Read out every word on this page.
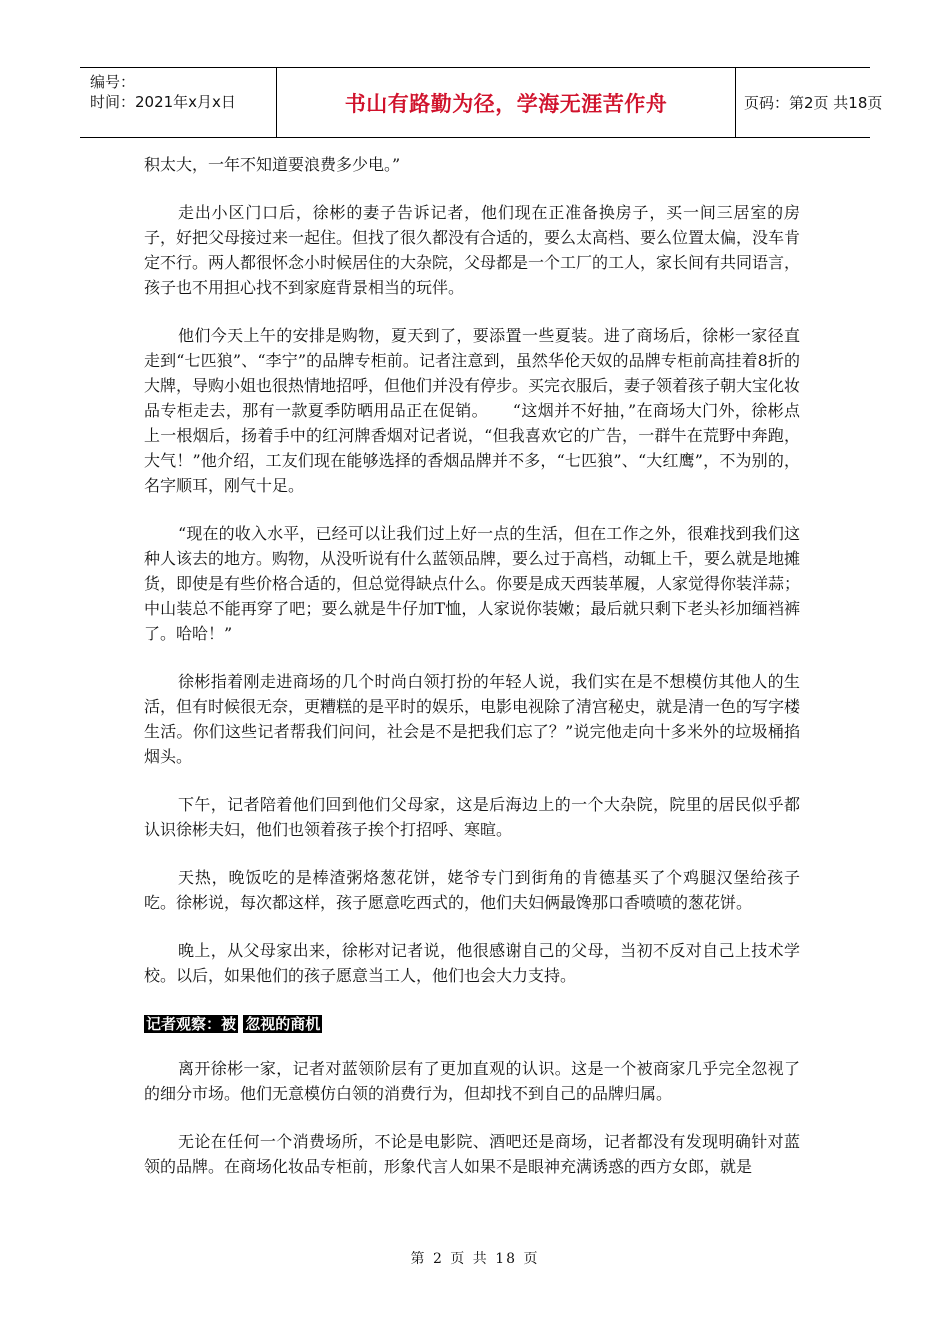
编号：
时间：2021年x月x日	书山有路勤为径，学海无涯苦作舟	页码：第2页 共18页

积太大，一年不知道要浪费多少电。”

走出小区门口后，徐彬的妻子告诉记者，他们现在正准备换房子，买一间三居室的房子，好把父母接过来一起住。但找了很久都没有合适的，要么太高档、要么位置太偏，没车肯定不行。两人都很怀念小时候居住的大杂院，父母都是一个工厂的工人，家长间有共同语言，孩子也不用担心找不到家庭背景相当的玩伴。

他们今天上午的安排是购物，夏天到了，要添置一些夏装。进了商场后，徐彬一家径直走到“七匹狼”、“李宁”的品牌专柜前。记者注意到，虽然华伦天奴的品牌专柜前高挂着8折的大牌，导购小姐也很热情地招呼，但他们并没有停步。买完衣服后，妻子领着孩子朝大宝化妆品专柜走去，那有一款夏季防晒用品正在促销。　　“这烟并不好抽，”在商场大门外，徐彬点上一根烟后，扬着手中的红河牌香烟对记者说，“但我喜欢它的广告，一群牛在荒野中奔跑，大气！”他介绍，工友们现在能够选择的香烟品牌并不多，“七匹狼”、“大红鹰”，不为别的，名字顺耳，刚气十足。

“现在的收入水平，已经可以让我们过上好一点的生活，但在工作之外，很难找到我们这种人该去的地方。购物，从没听说有什么蓝领品牌，要么过于高档，动辄上千，要么就是地摊货，即使是有些价格合适的，但总觉得缺点什么。你要是成天西装革履，人家觉得你装洋蒜；中山装总不能再穿了吧；要么就是牛仔加T恤，人家说你装嫩；最后就只剩下老头衫加缅裆裤了。哈哈！”

徐彬指着刚走进商场的几个时尚白领打扮的年轻人说，我们实在是不想模仿其他人的生活，但有时候很无奈，更糟糕的是平时的娱乐，电影电视除了清宫秘史，就是清一色的写字楼生活。你们这些记者帮我们问问，社会是不是把我们忘了？”说完他走向十多米外的垃圾桶掐烟头。

下午，记者陪着他们回到他们父母家，这是后海边上的一个大杂院，院里的居民似乎都认识徐彬夫妇，他们也领着孩子挨个打招呼、寒暄。

天热，晚饭吃的是棒渣粥烙葱花饼，姥爷专门到街角的肯德基买了个鸡腿汉堡给孩子吃。徐彬说，每次都这样，孩子愿意吃西式的，他们夫妇俩最馋那口香喷喷的葱花饼。

晚上，从父母家出来，徐彬对记者说，他很感谢自己的父母，当初不反对自己上技术学校。以后，如果他们的孩子愿意当工人，他们也会大力支持。

记者观察：被 忽视的商机

离开徐彬一家，记者对蓝领阶层有了更加直观的认识。这是一个被商家几乎完全忽视了的细分市场。他们无意模仿白领的消费行为，但却找不到自己的品牌归属。

无论在任何一个消费场所，不论是电影院、酒吧还是商场，记者都没有发现明确针对蓝领的品牌。在商场化妆品专柜前，形象代言人如果不是眼神充满诱惑的西方女郎，就是

第 2 页 共 18 页
